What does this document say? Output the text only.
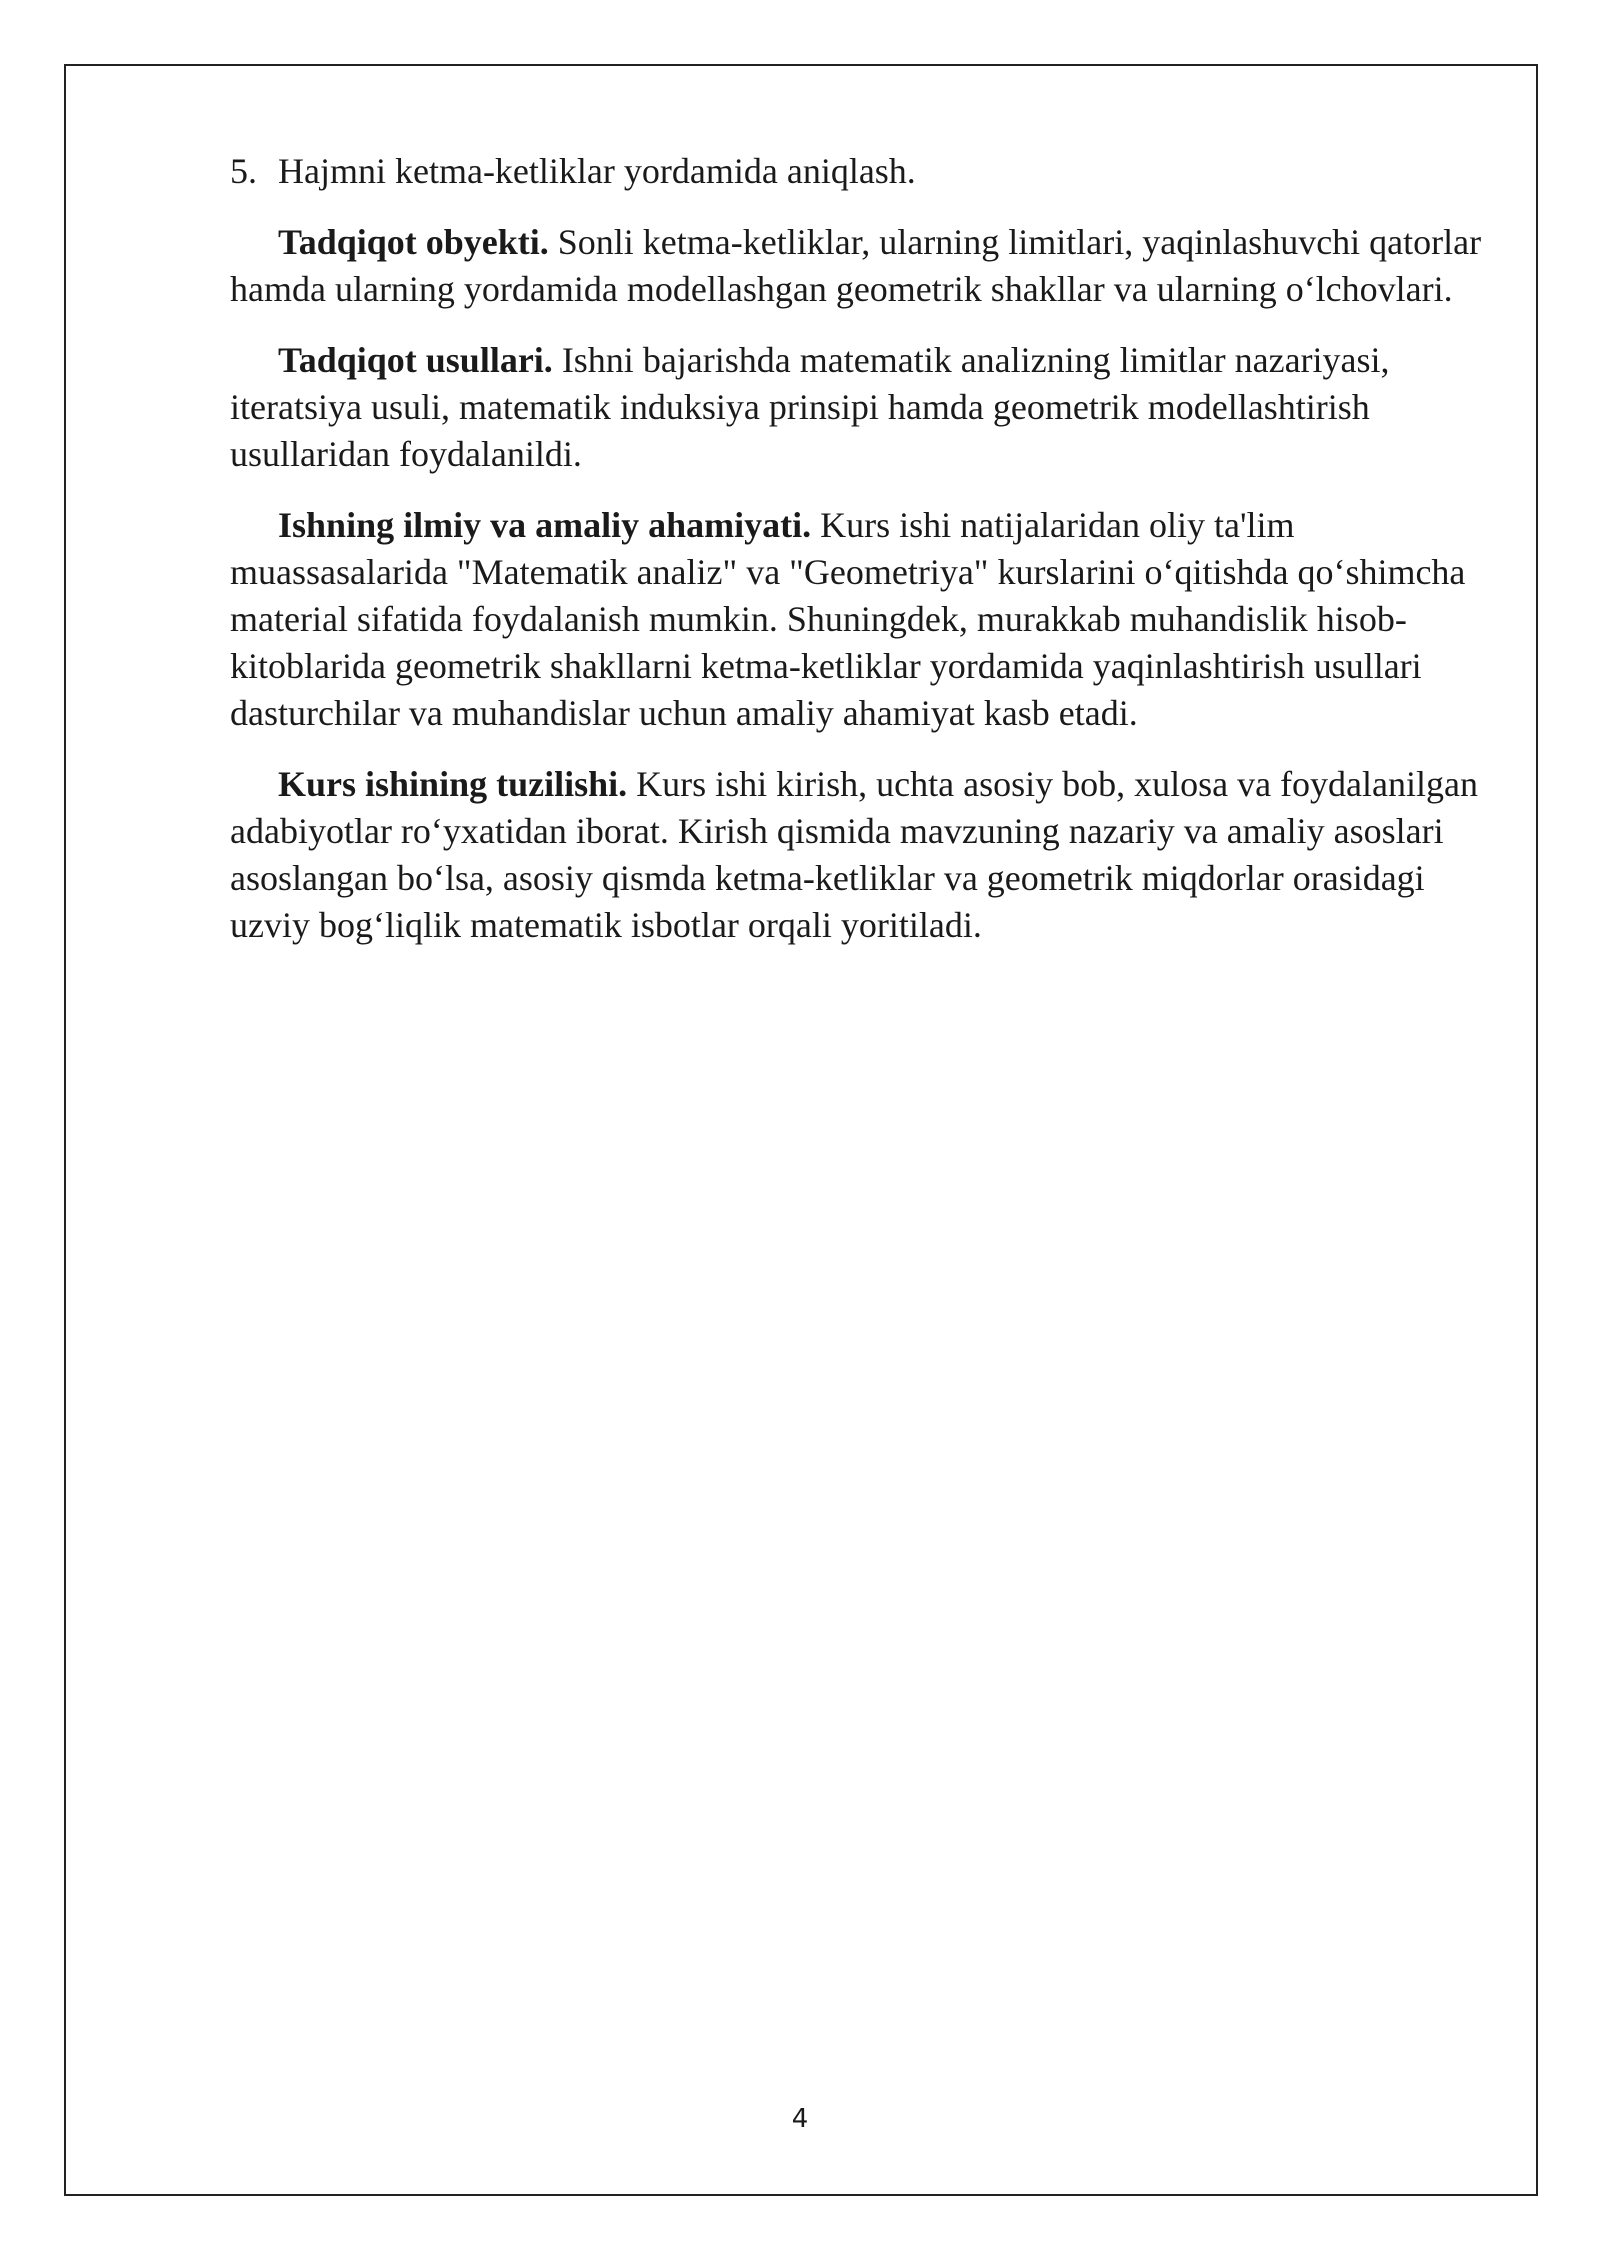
5. Hajmni ketma-ketliklar yordamida aniqlash.

Tadqiqot obyekti. Sonli ketma-ketliklar, ularning limitlari, yaqinlashuvchi qatorlar hamda ularning yordamida modellashgan geometrik shakllar va ularning o‘lchovlari.

Tadqiqot usullari. Ishni bajarishda matematik analizning limitlar nazariyasi, iteratsiya usuli, matematik induksiya prinsipi hamda geometrik modellashtirish usullaridan foydalanildi.

Ishning ilmiy va amaliy ahamiyati. Kurs ishi natijalaridan oliy ta'lim muassasalarida "Matematik analiz" va "Geometriya" kurslarini o‘qitishda qo‘shimcha material sifatida foydalanish mumkin. Shuningdek, murakkab muhandislik hisob-kitoblarida geometrik shakllarni ketma-ketliklar yordamida yaqinlashtirish usullari dasturchilar va muhandislar uchun amaliy ahamiyat kasb etadi.

Kurs ishining tuzilishi. Kurs ishi kirish, uchta asosiy bob, xulosa va foydalanilgan adabiyotlar ro‘yxatidan iborat. Kirish qismida mavzuning nazariy va amaliy asoslari asoslangan bo‘lsa, asosiy qismda ketma-ketliklar va geometrik miqdorlar orasidagi uzviy bog‘liqlik matematik isbotlar orqali yoritiladi.

4
